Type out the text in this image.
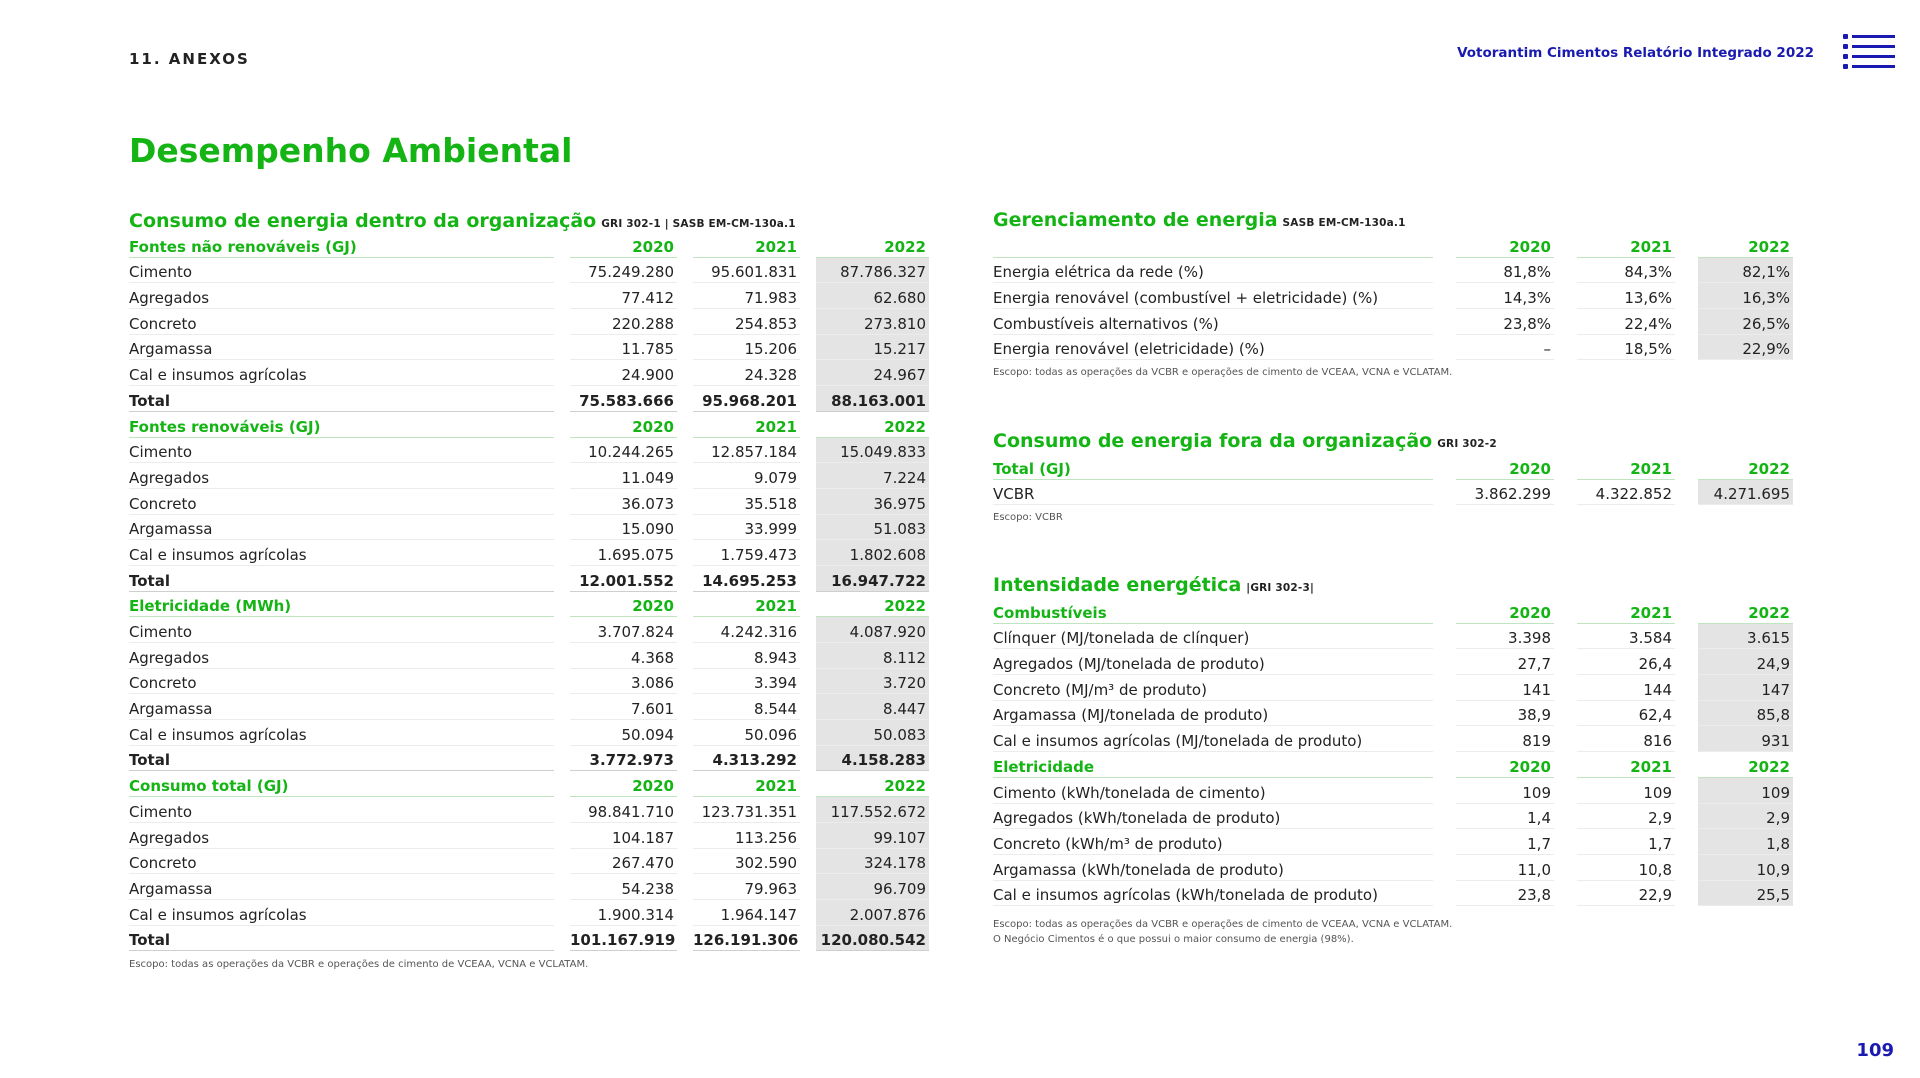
11. ANEXOS	Votorantim Cimentos Relatório Integrado 2022
Desempenho Ambiental
Consumo de energia dentro da organização GRI 302-1 | SASB EM-CM-130a.1
Fontes não renováveis (GJ)		2020		2021		2022
Cimento		75.249.280		95.601.831		87.786.327
Agregados		77.412		71.983		62.680
Concreto		220.288		254.853		273.810
Argamassa		11.785		15.206		15.217
Cal e insumos agrícolas		24.900		24.328		24.967
Total		75.583.666		95.968.201		88.163.001
Fontes renováveis (GJ)		2020		2021		2022
Cimento		10.244.265		12.857.184		15.049.833
Agregados		11.049		9.079		7.224
Concreto		36.073		35.518		36.975
Argamassa		15.090		33.999		51.083
Cal e insumos agrícolas		1.695.075		1.759.473		1.802.608
Total		12.001.552		14.695.253		16.947.722
Eletricidade (MWh)		2020		2021		2022
Cimento		3.707.824		4.242.316		4.087.920
Agregados		4.368		8.943		8.112
Concreto		3.086		3.394		3.720
Argamassa		7.601		8.544		8.447
Cal e insumos agrícolas		50.094		50.096		50.083
Total		3.772.973		4.313.292		4.158.283
Consumo total (GJ)		2020		2021		2022
Cimento		98.841.710		123.731.351		117.552.672
Agregados		104.187		113.256		99.107
Concreto		267.470		302.590		324.178
Argamassa		54.238		79.963		96.709
Cal e insumos agrícolas		1.900.314		1.964.147		2.007.876
Total		101.167.919		126.191.306		120.080.542
Escopo: todas as operações da VCBR e operações de cimento de VCEAA, VCNA e VCLATAM.
Gerenciamento de energia SASB EM-CM-130a.1
		2020		2021		2022
Energia elétrica da rede (%)		81,8%		84,3%		82,1%
Energia renovável (combustível + eletricidade) (%)		14,3%		13,6%		16,3%
Combustíveis alternativos (%)		23,8%		22,4%		26,5%
Energia renovável (eletricidade) (%)		–		18,5%		22,9%
Escopo: todas as operações da VCBR e operações de cimento de VCEAA, VCNA e VCLATAM.
Consumo de energia fora da organização GRI 302-2
Total (GJ)		2020		2021		2022
VCBR		3.862.299		4.322.852		4.271.695
Escopo: VCBR
Intensidade energética |GRI 302-3|
Combustíveis		2020		2021		2022
Clínquer (MJ/tonelada de clínquer)		3.398		3.584		3.615
Agregados (MJ/tonelada de produto)		27,7		26,4		24,9
Concreto (MJ/m³ de produto)		141		144		147
Argamassa (MJ/tonelada de produto)		38,9		62,4		85,8
Cal e insumos agrícolas (MJ/tonelada de produto)		819		816		931
Eletricidade		2020		2021		2022
Cimento (kWh/tonelada de cimento)		109		109		109
Agregados (kWh/tonelada de produto)		1,4		2,9		2,9
Concreto (kWh/m³ de produto)		1,7		1,7		1,8
Argamassa (kWh/tonelada de produto)		11,0		10,8		10,9
Cal e insumos agrícolas (kWh/tonelada de produto)		23,8		22,9		25,5
Escopo: todas as operações da VCBR e operações de cimento de VCEAA, VCNA e VCLATAM.
O Negócio Cimentos é o que possui o maior consumo de energia (98%).
109
